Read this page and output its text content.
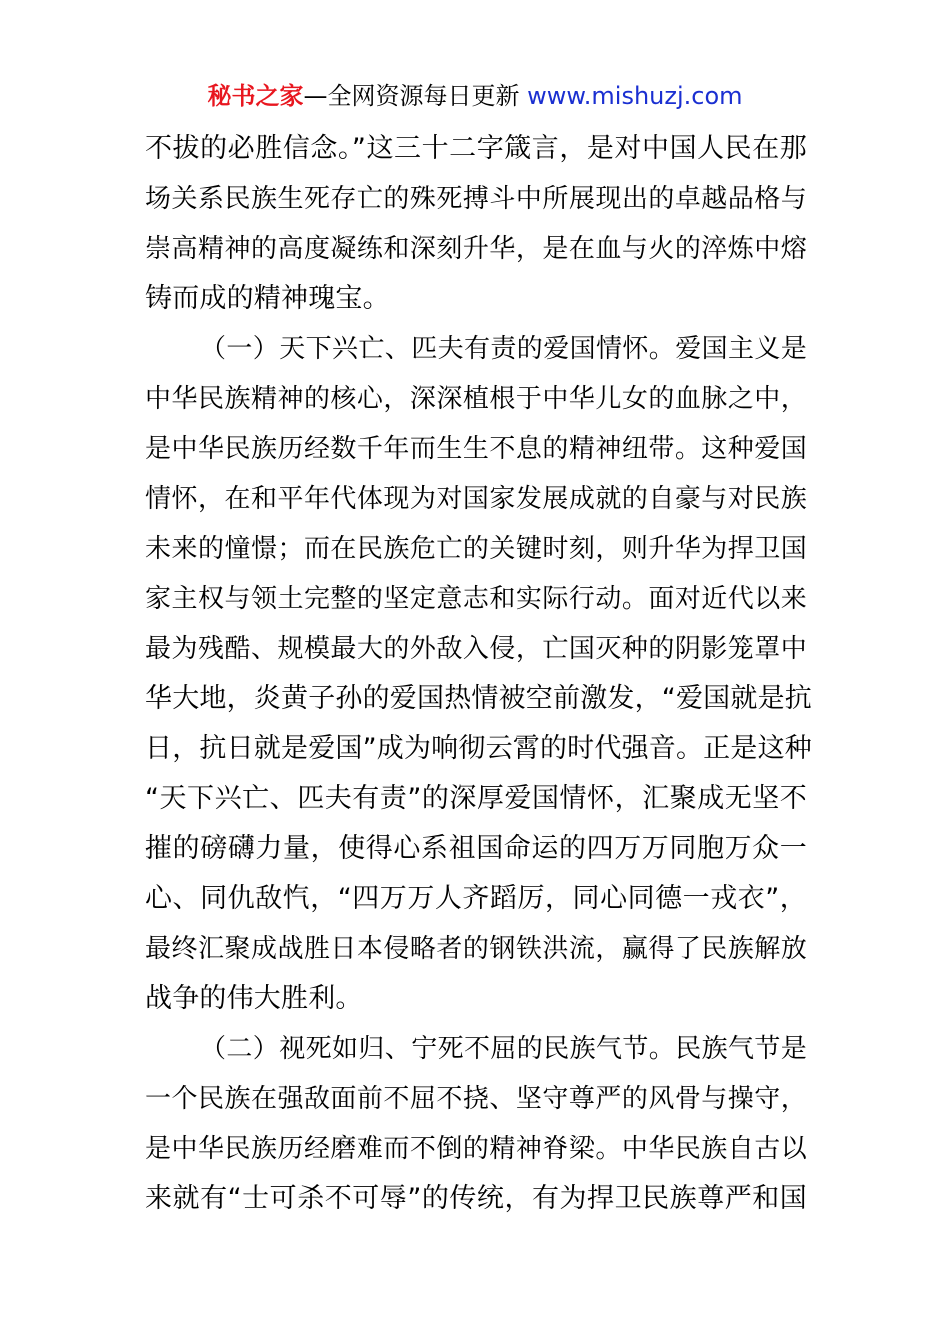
秘书之家—全网资源每日更新 www.mishuzj.com
不拔的必胜信念。”这三十二字箴言，是对中国人民在那
场关系民族生死存亡的殊死搏斗中所展现出的卓越品格与
崇高精神的高度凝练和深刻升华，是在血与火的淬炼中熔
铸而成的精神瑰宝。
（一）天下兴亡、匹夫有责的爱国情怀。爱国主义是
中华民族精神的核心，深深植根于中华儿女的血脉之中，
是中华民族历经数千年而生生不息的精神纽带。这种爱国
情怀，在和平年代体现为对国家发展成就的自豪与对民族
未来的憧憬；而在民族危亡的关键时刻，则升华为捍卫国
家主权与领土完整的坚定意志和实际行动。面对近代以来
最为残酷、规模最大的外敌入侵，亡国灭种的阴影笼罩中
华大地，炎黄子孙的爱国热情被空前激发，“爱国就是抗
日，抗日就是爱国”成为响彻云霄的时代强音。正是这种
“天下兴亡、匹夫有责”的深厚爱国情怀，汇聚成无坚不
摧的磅礴力量，使得心系祖国命运的四万万同胞万众一
心、同仇敌忾，“四万万人齐蹈厉，同心同德一戎衣”，
最终汇聚成战胜日本侵略者的钢铁洪流，赢得了民族解放
战争的伟大胜利。
（二）视死如归、宁死不屈的民族气节。民族气节是
一个民族在强敌面前不屈不挠、坚守尊严的风骨与操守，
是中华民族历经磨难而不倒的精神脊梁。中华民族自古以
来就有“士可杀不可辱”的传统，有为捍卫民族尊严和国
